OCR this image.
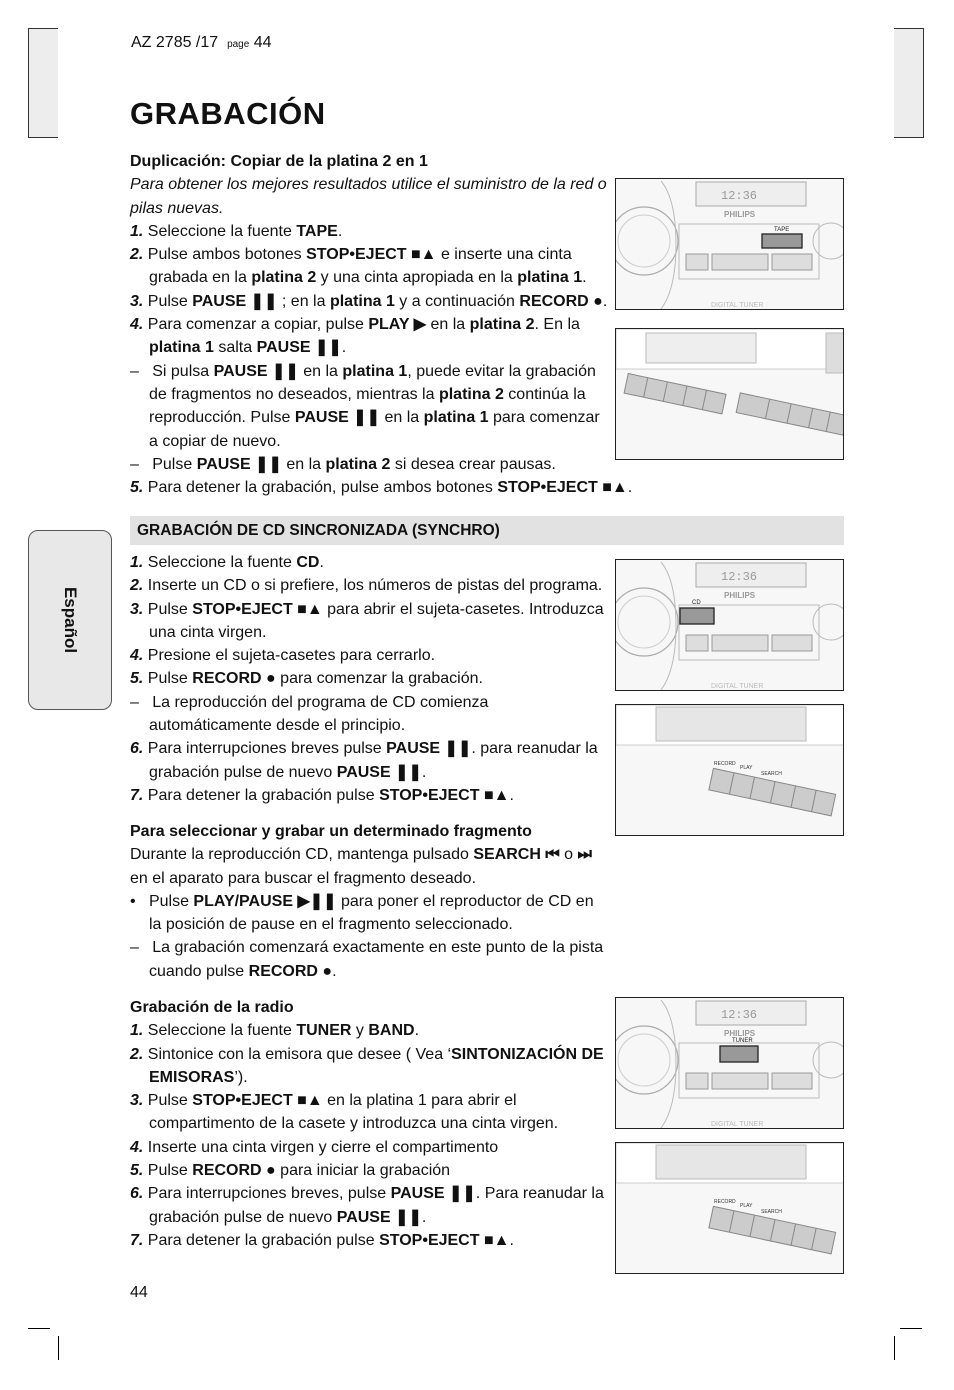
AZ 2785 /17 page 44
GRABACIÓN
Español

Duplicación: Copiar de la platina 2 en 1

Para obtener los mejores resultados utilice el suministro de la red o pilas nuevas.

1. Seleccione la fuente TAPE.

2. Pulse ambos botones STOP•EJECT ■▲ e inserte una cinta grabada en la platina 2 y una cinta apropiada en la platina 1.

3. Pulse PAUSE ❚❚ ; en la platina 1 y a continuación RECORD ●.

4. Para comenzar a copiar, pulse PLAY ▶ en la platina 2. En la platina 1 salta PAUSE ❚❚.

–   Si pulsa PAUSE ❚❚ en la platina 1, puede evitar la grabación de fragmentos no deseados, mientras la platina 2 continúa la reproducción. Pulse PAUSE ❚❚ en la platina 1 para comenzar a copiar de nuevo.

–   Pulse PAUSE ❚❚ en la platina 2 si desea crear pausas.

5. Para detener la grabación, pulse ambos botones STOP•EJECT ■▲.

GRABACIÓN DE CD SINCRONIZADA (SYNCHRO)

1. Seleccione la fuente CD.

2. Inserte un CD o si prefiere, los números de pistas del programa.

3. Pulse STOP•EJECT ■▲ para abrir el sujeta-casetes. Introduzca una cinta virgen.

4. Presione el sujeta-casetes para cerrarlo.

5. Pulse RECORD ● para comenzar la grabación.

–   La reproducción del programa de CD comienza automáticamente desde el principio.

6. Para interrupciones breves pulse PAUSE ❚❚. para reanudar la grabación pulse de nuevo PAUSE ❚❚.

7. Para detener la grabación pulse STOP•EJECT ■▲.

Para seleccionar y grabar un determinado fragmento

Durante la reproducción CD, mantenga pulsado SEARCH ⏮ o ⏭ en el aparato para buscar el fragmento deseado.

•   Pulse PLAY/PAUSE ▶❚❚ para poner el reproductor de CD en la posición de pause en el fragmento seleccionado.

–   La grabación comenzará exactamente en este punto de la pista cuando pulse RECORD ●.

Grabación de la radio

1. Seleccione la fuente TUNER y BAND.

2. Sintonice con la emisora que desee ( Vea ‘SINTONIZACIÓN DE EMISORAS’).

3. Pulse STOP•EJECT ■▲ en la platina 1 para abrir el compartimento de la casete y introduzca una cinta virgen.

4. Inserte una cinta virgen y cierre el compartimento

5. Pulse RECORD ● para iniciar la grabación

6. Para interrupciones breves, pulse PAUSE ❚❚. Para reanudar la grabación pulse de nuevo PAUSE ❚❚.

7. Para detener la grabación pulse STOP•EJECT ■▲.

12:36
PHILIPS
TAPE
DIGITAL TUNER
12:36
PHILIPS
CD
DIGITAL TUNER
RECORD
PLAY
SEARCH
12:36
PHILIPS
TUNER
DIGITAL TUNER
RECORD
PLAY
SEARCH
44
